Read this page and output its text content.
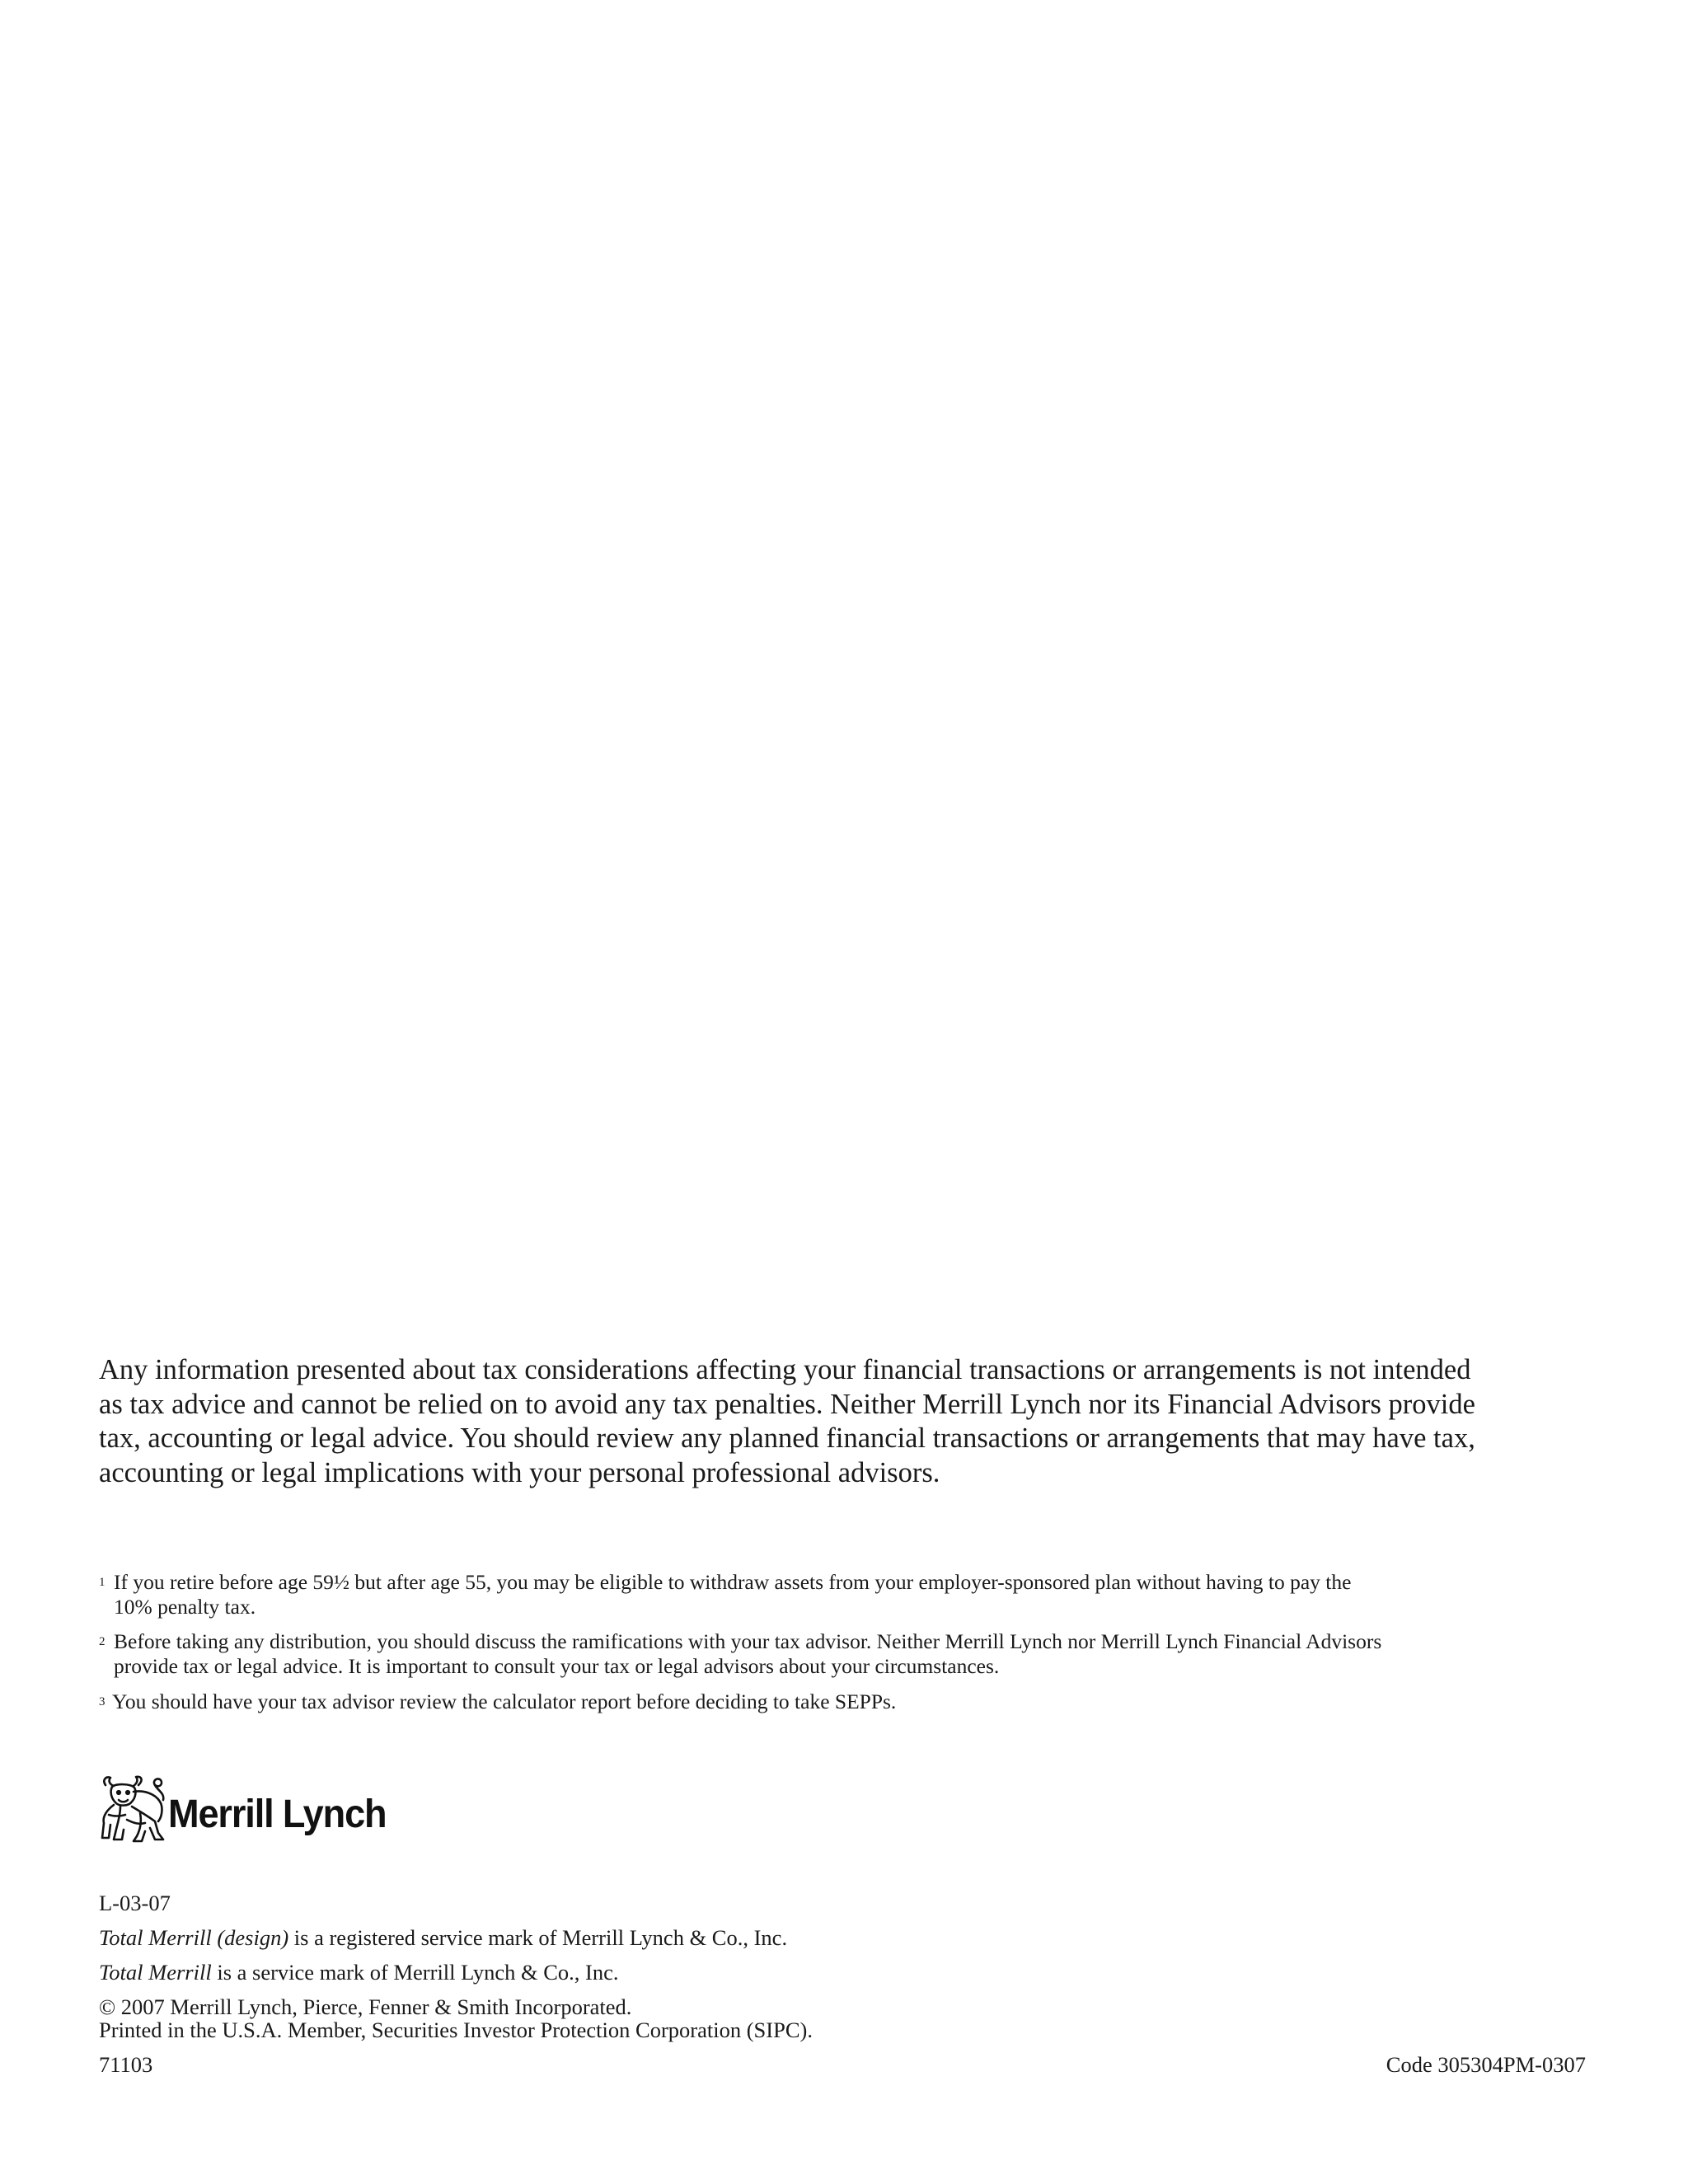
Any information presented about tax considerations affecting your financial transactions or arrangements is not intended

as tax advice and cannot be relied on to avoid any tax penalties. Neither Merrill Lynch nor its Financial Advisors provide

tax, accounting or legal advice. You should review any planned financial transactions or arrangements that may have tax,

accounting or legal implications with your personal professional advisors.

1 If you retire before age 59½ but after age 55, you may be eligible to withdraw assets from your employer-sponsored plan without having to pay the
10% penalty tax.
2 Before taking any distribution, you should discuss the ramifications with your tax advisor. Neither Merrill Lynch nor Merrill Lynch Financial Advisors
provide tax or legal advice. It is important to consult your tax or legal advisors about your circumstances.
3 You should have your tax advisor review the calculator report before deciding to take SEPPs.
Merrill Lynch
L-03-07
Total Merrill (design) is a registered service mark of Merrill Lynch & Co., Inc.
Total Merrill is a service mark of Merrill Lynch & Co., Inc.
© 2007 Merrill Lynch, Pierce, Fenner & Smith Incorporated.
Printed in the U.S.A. Member, Securities Investor Protection Corporation (SIPC).
71103	Code 305304PM-0307
